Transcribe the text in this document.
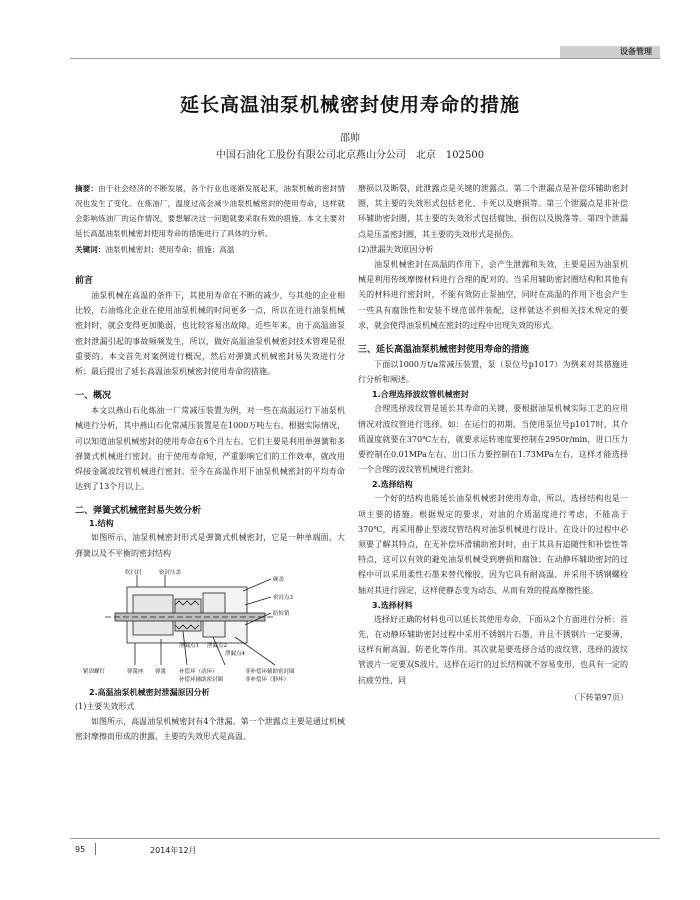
设备管理
延长高温油泵机械密封使用寿命的措施
邵帅
中国石油化工股份有限公司北京燕山分公司　北京　102500

摘要：由于社会经济的不断发展，各个行业也逐渐发展起来，油泵机械的密封情况也发生了变化。在炼油厂，温度过高会减少油泵机械密封的使用寿命，这样就会影响炼油厂的运作情况，要想解决这一问题就要采取有效的措施。本文主要对延长高温油泵机械密封使用寿命的措施进行了具体的分析。

关键词：油泵机械密封；使用寿命；措施；高温

前言

油泵机械在高温的条件下，其使用寿命在不断的减少，与其他的企业相比较，石油炼化企业在使用油泵机械的时间更多一点，所以在进行油泵机械密封时，就会变得更加脆弱，也比较容易出故障。近些年来，由于高温油泵密封泄漏引起的事故频频发生，所以，做好高温油泵机械密封技术管理是很重要的。本文首先对案例进行概况，然后对弹簧式机械密封易失效进行分析；最后提出了延长高温油泵机械密封使用寿命的措施。

一、概况

本文以燕山石化炼油一厂常减压装置为例，对一些在高温运行下油泵机械进行分析，其中燕山石化常减压装置是在1000万吨左右，根据实际情况，可以知道油泵机械密封的使用寿命在6个月左右，它们主要是利用单弹簧和多弹簧式机械进行密封。由于使用寿命短，严重影响它们的工作效率，就改用焊接金属波纹管机械进行密封。至今在高温作用下油泵机械密封的平均寿命达到了13个月以上。

二、弹簧式机械密封易失效分析
1.结构

如图所示，油泵机械密封形式是弹簧式机械密封，它是一种单端面、大弹簧以及不平衡的密封结构

吹扫封	密封压盖
碗盖
密封点3
防转销
泄漏点1 泄漏点2
泄漏点4
紧固螺钉	弹簧座 弹簧 补偿环（动环）	非补偿环辅助密封圈
补偿环辅助密封圈	非补偿环（静环）
2.高温油泵机械密封泄漏原因分析

(1)主要失效形式

如图所示，高温油泵机械密封有4个泄漏。第一个泄露点主要是通过机械密封摩擦而形成的泄露，主要的失效形式是高温、

磨损以及断裂，此泄露点是关键的泄露点。第二个泄漏点是补偿环辅助密封圈，其主要的失效形式包括老化、卡死以及磨损等。第三个泄漏点是非补偿环辅助密封圈，其主要的失效形式包括腐蚀、损伤以及脱落等。第四个泄漏点是压盖密封圈，其主要的失效形式是损伤。

(2)泄漏失效原因分析

油泵机械密封在高温的作用下，会产生泄露和失效，主要是因为油泵机械是利用传统摩擦材料进行合理的配对的。当采用辅助密封圈结构和其他有关的材料进行密封时，不能有效防止泵抽空，同时在高温的作用下也会产生一些具有腐蚀性和安装不规范部件装配，这样就达不到相关技术规定的要求，就会使得油泵机械在密封的过程中出现失效的形式。

三、延长高温油泵机械密封使用寿命的措施

下面以1000万t/a常减压装置，泵（泵位号p1017）为例来对其措施进行分析和阐述。

1.合理选择波纹管机械密封

合理选择波纹管是延长其寿命的关键，要根据油泵机械实际工艺的应用情况对波纹管进行选择。如：在运行的初期，当使用泵位号p1017时，其介质温度就要在370℃左右，就要求运转速度要控制在2950r/min，进口压力要控制在0.01MPa左右，出口压力要控制在1.73MPa左右，这样才能选择一个合理的波纹管机械进行密封。

2.选择结构

一个好的结构也能延长油泵机械密封使用寿命，所以，选择结构也是一项主要的措施。根据规定的要求，对油的介质温度进行考虑，不能高于370℃，再采用静止型波纹管结构对油泵机械进行设计。在设计的过程中必须要了解其特点，在无补偿环滑辅助密封时，由于其具有追随性和补偿性等特点，这可以有效的避免油泵机械受到磨损和腐蚀；在动静环辅助密封的过程中可以采用柔性石墨来替代橡胶，因为它具有耐高温，并采用不锈钢螺栓轴对其进行固定，这样使静态变为动态、从而有效的提高摩擦性能。

3.选择材料

选择好正确的材料也可以延长其使用寿命，下面从2个方面进行分析：首先，在动静环辅助密封过程中采用不锈钢片石墨，并且不锈钢片一定要薄，这样有耐高温、防老化等作用。其次就是要选择合适的波纹管，选择的波纹管波片一定要双S波片，这样在运行的过长结构就不容易变形，也具有一定的抗疲劳性，同

（下转第97页）
95	2014年12月
